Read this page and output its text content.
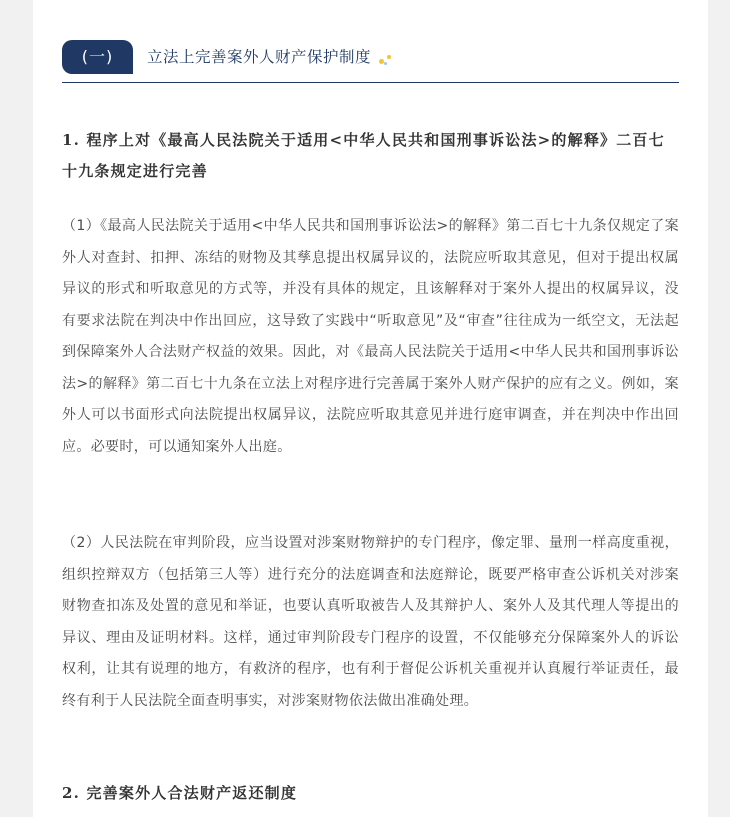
(一)	立法上完善案外人财产保护制度
1. 程序上对《最高人民法院关于适用<中华人民共和国刑事诉讼法>的解释》二百七十九条规定进行完善

（1）《最高人民法院关于适用<中华人民共和国刑事诉讼法>的解释》第二百七十九条仅规定了案外人对查封、扣押、冻结的财物及其孳息提出权属异议的，法院应听取其意见，但对于提出权属异议的形式和听取意见的方式等，并没有具体的规定，且该解释对于案外人提出的权属异议，没有要求法院在判决中作出回应，这导致了实践中“听取意见”及“审查”往往成为一纸空文，无法起到保障案外人合法财产权益的效果。因此，对《最高人民法院关于适用<中华人民共和国刑事诉讼法>的解释》第二百七十九条在立法上对程序进行完善属于案外人财产保护的应有之义。例如，案外人可以书面形式向法院提出权属异议，法院应听取其意见并进行庭审调查，并在判决中作出回应。必要时，可以通知案外人出庭。

（2）人民法院在审判阶段，应当设置对涉案财物辩护的专门程序，像定罪、量刑一样高度重视，组织控辩双方（包括第三人等）进行充分的法庭调查和法庭辩论，既要严格审查公诉机关对涉案财物查扣冻及处置的意见和举证，也要认真听取被告人及其辩护人、案外人及其代理人等提出的异议、理由及证明材料。这样，通过审判阶段专门程序的设置，不仅能够充分保障案外人的诉讼权利，让其有说理的地方，有救济的程序，也有利于督促公诉机关重视并认真履行举证责任，最终有利于人民法院全面查明事实，对涉案财物依法做出准确处理。

2. 完善案外人合法财产返还制度
